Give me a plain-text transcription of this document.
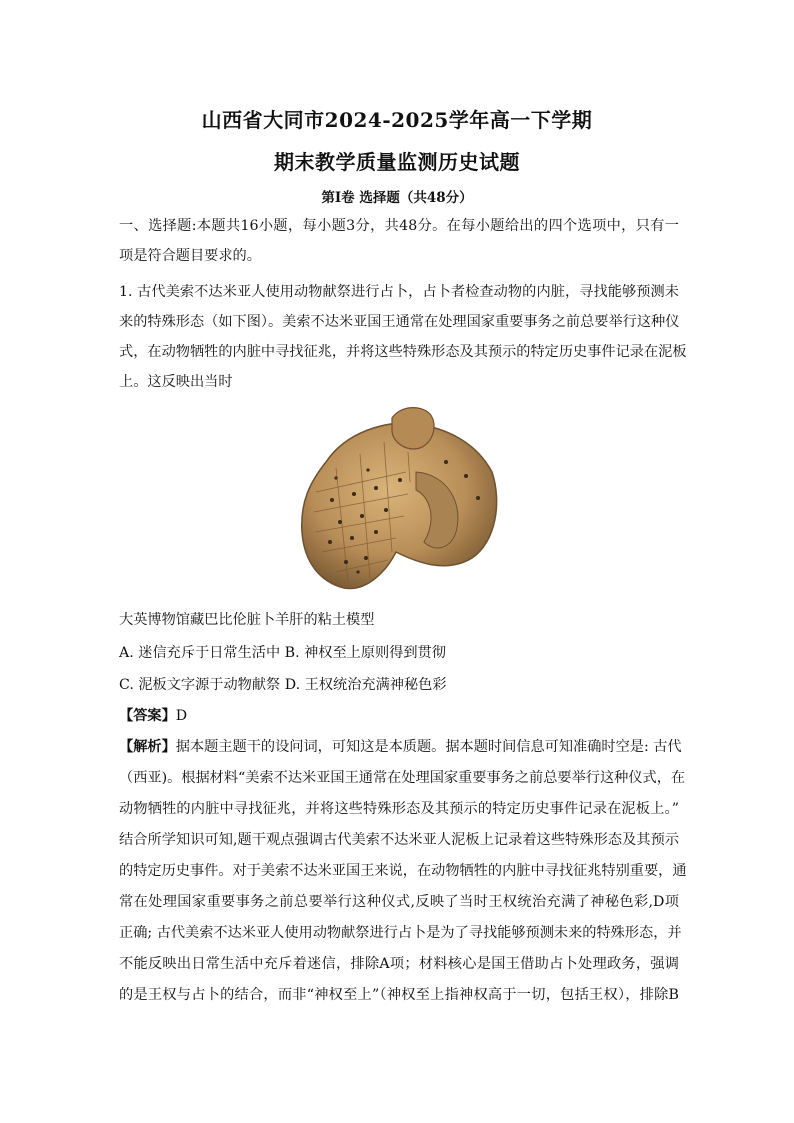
山西省大同市2024-2025学年高一下学期
期末教学质量监测历史试题
第Ⅰ卷 选择题（共48分）
一、选择题:本题共16小题，每小题3分，共48分。在每小题给出的四个选项中，只有一
项是符合题目要求的。
1. 古代美索不达米亚人使用动物献祭进行占卜，占卜者检查动物的内脏，寻找能够预测未
来的特殊形态（如下图）。美索不达米亚国王通常在处理国家重要事务之前总要举行这种仪
式，在动物牺牲的内脏中寻找征兆，并将这些特殊形态及其预示的特定历史事件记录在泥板
上。这反映出当时
大英博物馆藏巴比伦脏卜羊肝的粘土模型
A. 迷信充斥于日常生活中 B. 神权至上原则得到贯彻
C. 泥板文字源于动物献祭 D. 王权统治充满神秘色彩
【答案】D
【解析】据本题主题干的设问词，可知这是本质题。据本题时间信息可知准确时空是: 古代
（西亚)。根据材料“美索不达米亚国王通常在处理国家重要事务之前总要举行这种仪式，在
动物牺牲的内脏中寻找征兆，并将这些特殊形态及其预示的特定历史事件记录在泥板上。”
结合所学知识可知,题干观点强调古代美索不达米亚人泥板上记录着这些特殊形态及其预示
的特定历史事件。对于美索不达米亚国王来说，在动物牺牲的内脏中寻找征兆特别重要，通
常在处理国家重要事务之前总要举行这种仪式,反映了当时王权统治充满了神秘色彩,D项
正确; 古代美索不达米亚人使用动物献祭进行占卜是为了寻找能够预测未来的特殊形态，并
不能反映出日常生活中充斥着迷信，排除A项；材料核心是国王借助占卜处理政务，强调
的是王权与占卜的结合，而非“神权至上”（神权至上指神权高于一切，包括王权），排除B
